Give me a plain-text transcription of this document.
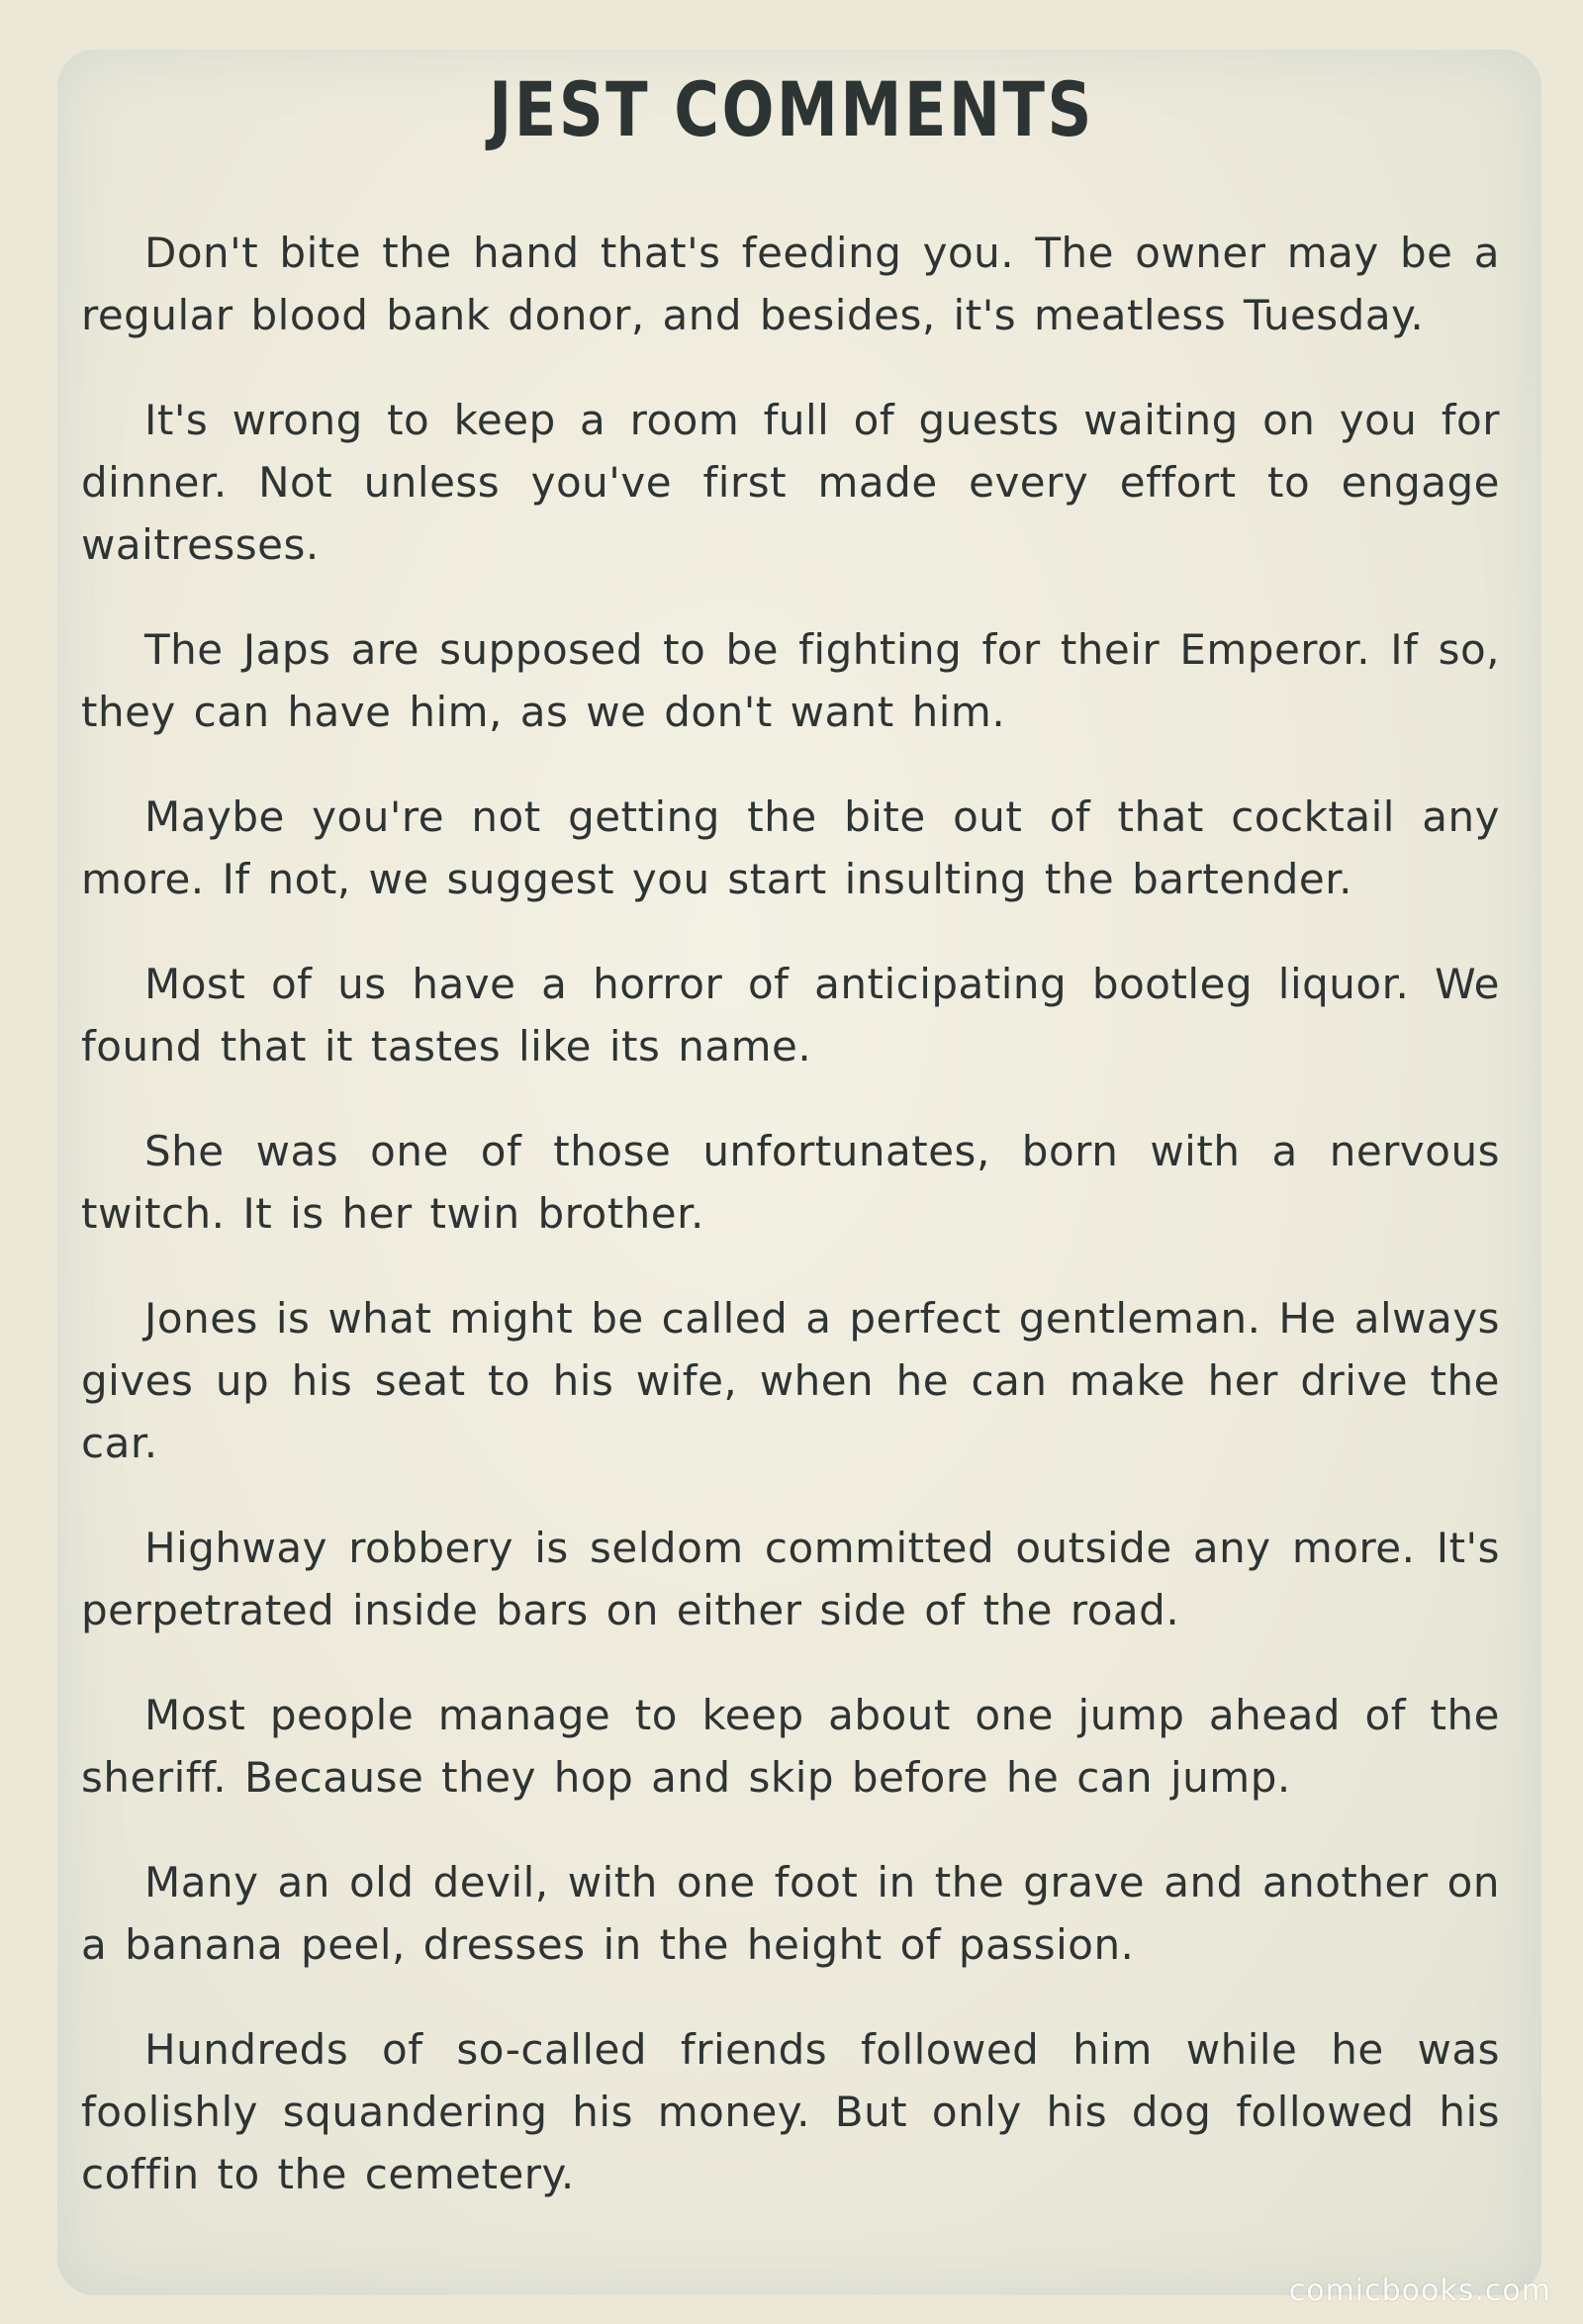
JEST COMMENTS

Don't bite the hand that's feeding you. The owner may be a regular blood bank donor, and besides, it's meatless Tuesday.

It's wrong to keep a room full of guests waiting on you for dinner. Not unless you've first made every effort to engage waitresses.

The Japs are supposed to be fighting for their Emperor. If so, they can have him, as we don't want him.

Maybe you're not getting the bite out of that cocktail any more. If not, we suggest you start insulting the bartender.

Most of us have a horror of anticipating bootleg liquor. We found that it tastes like its name.

She was one of those unfortunates, born with a nervous twitch. It is her twin brother.

Jones is what might be called a perfect gentleman. He always gives up his seat to his wife, when he can make her drive the car.

Highway robbery is seldom committed outside any more. It's perpetrated inside bars on either side of the road.

Most people manage to keep about one jump ahead of the sheriff. Because they hop and skip before he can jump.

Many an old devil, with one foot in the grave and another on a banana peel, dresses in the height of passion.

Hundreds of so-called friends followed him while he was foolishly squandering his money. But only his dog followed his coffin to the cemetery.

comicbooks.com
